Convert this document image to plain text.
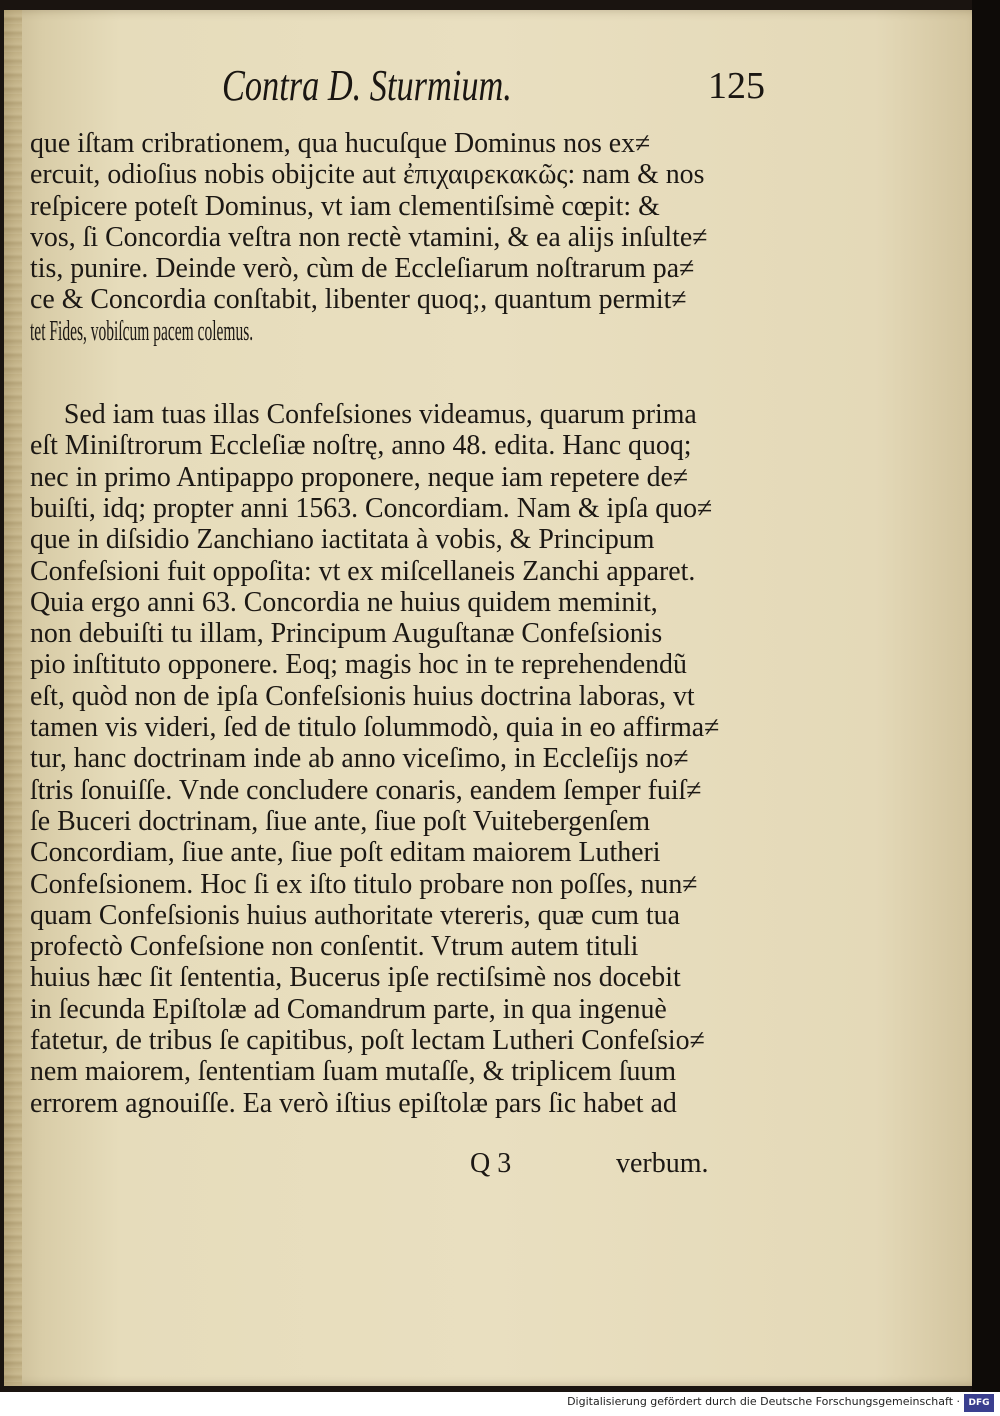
Contra D. Sturmium.	125
que iſtam cribrationem, qua hucuſque Dominus nos ex≠
ercuit, odioſius nobis obijcite aut ἐπιχαιρεκακῶς: nam & nos
reſpicere poteſt Dominus, vt iam clementiſsimè cœpit: &
vos, ſi Concordia veſtra non rectè vtamini, & ea alijs inſulte≠
tis, punire. Deinde verò, cùm de Eccleſiarum noſtrarum pa≠
ce & Concordia conſtabit, libenter quoq;, quantum permit≠
tet Fides, vobiſcum pacem colemus.
Sed iam tuas illas Confeſsiones videamus, quarum prima
eſt Miniſtrorum Eccleſiæ noſtrę, anno 48. edita. Hanc quoq;
nec in primo Antipappo proponere, neque iam repetere de≠
buiſti, idq; propter anni 1563. Concordiam. Nam & ipſa quo≠
que in diſsidio Zanchiano iactitata à vobis, & Principum
Confeſsioni fuit oppoſita: vt ex miſcellaneis Zanchi apparet.
Quia ergo anni 63. Concordia ne huius quidem meminit,
non debuiſti tu illam, Principum Auguſtanæ Confeſsionis
pio inſtituto opponere. Eoq; magis hoc in te reprehendendũ
eſt, quòd non de ipſa Confeſsionis huius doctrina laboras, vt
tamen vis videri, ſed de titulo ſolummodò, quia in eo affirma≠
tur, hanc doctrinam inde ab anno viceſimo, in Eccleſijs no≠
ſtris ſonuiſſe. Vnde concludere conaris, eandem ſemper fuiſ≠
ſe Buceri doctrinam, ſiue ante, ſiue poſt Vuitebergenſem
Concordiam, ſiue ante, ſiue poſt editam maiorem Lutheri
Confeſsionem. Hoc ſi ex iſto titulo probare non poſſes, nun≠
quam Confeſsionis huius authoritate vtereris, quæ cum tua
profectò Confeſsione non conſentit. Vtrum autem tituli
huius hæc ſit ſententia, Bucerus ipſe rectiſsimè nos docebit
in ſecunda Epiſtolæ ad Comandrum parte, in qua ingenuè
fatetur, de tribus ſe capitibus, poſt lectam Lutheri Confeſsio≠
nem maiorem, ſententiam ſuam mutaſſe, & triplicem ſuum
errorem agnouiſſe. Ea verò iſtius epiſtolæ pars ſic habet ad
Q 3	verbum.
Digitalisierung gefördert durch die Deutsche Forschungsgemeinschaft · DFG
